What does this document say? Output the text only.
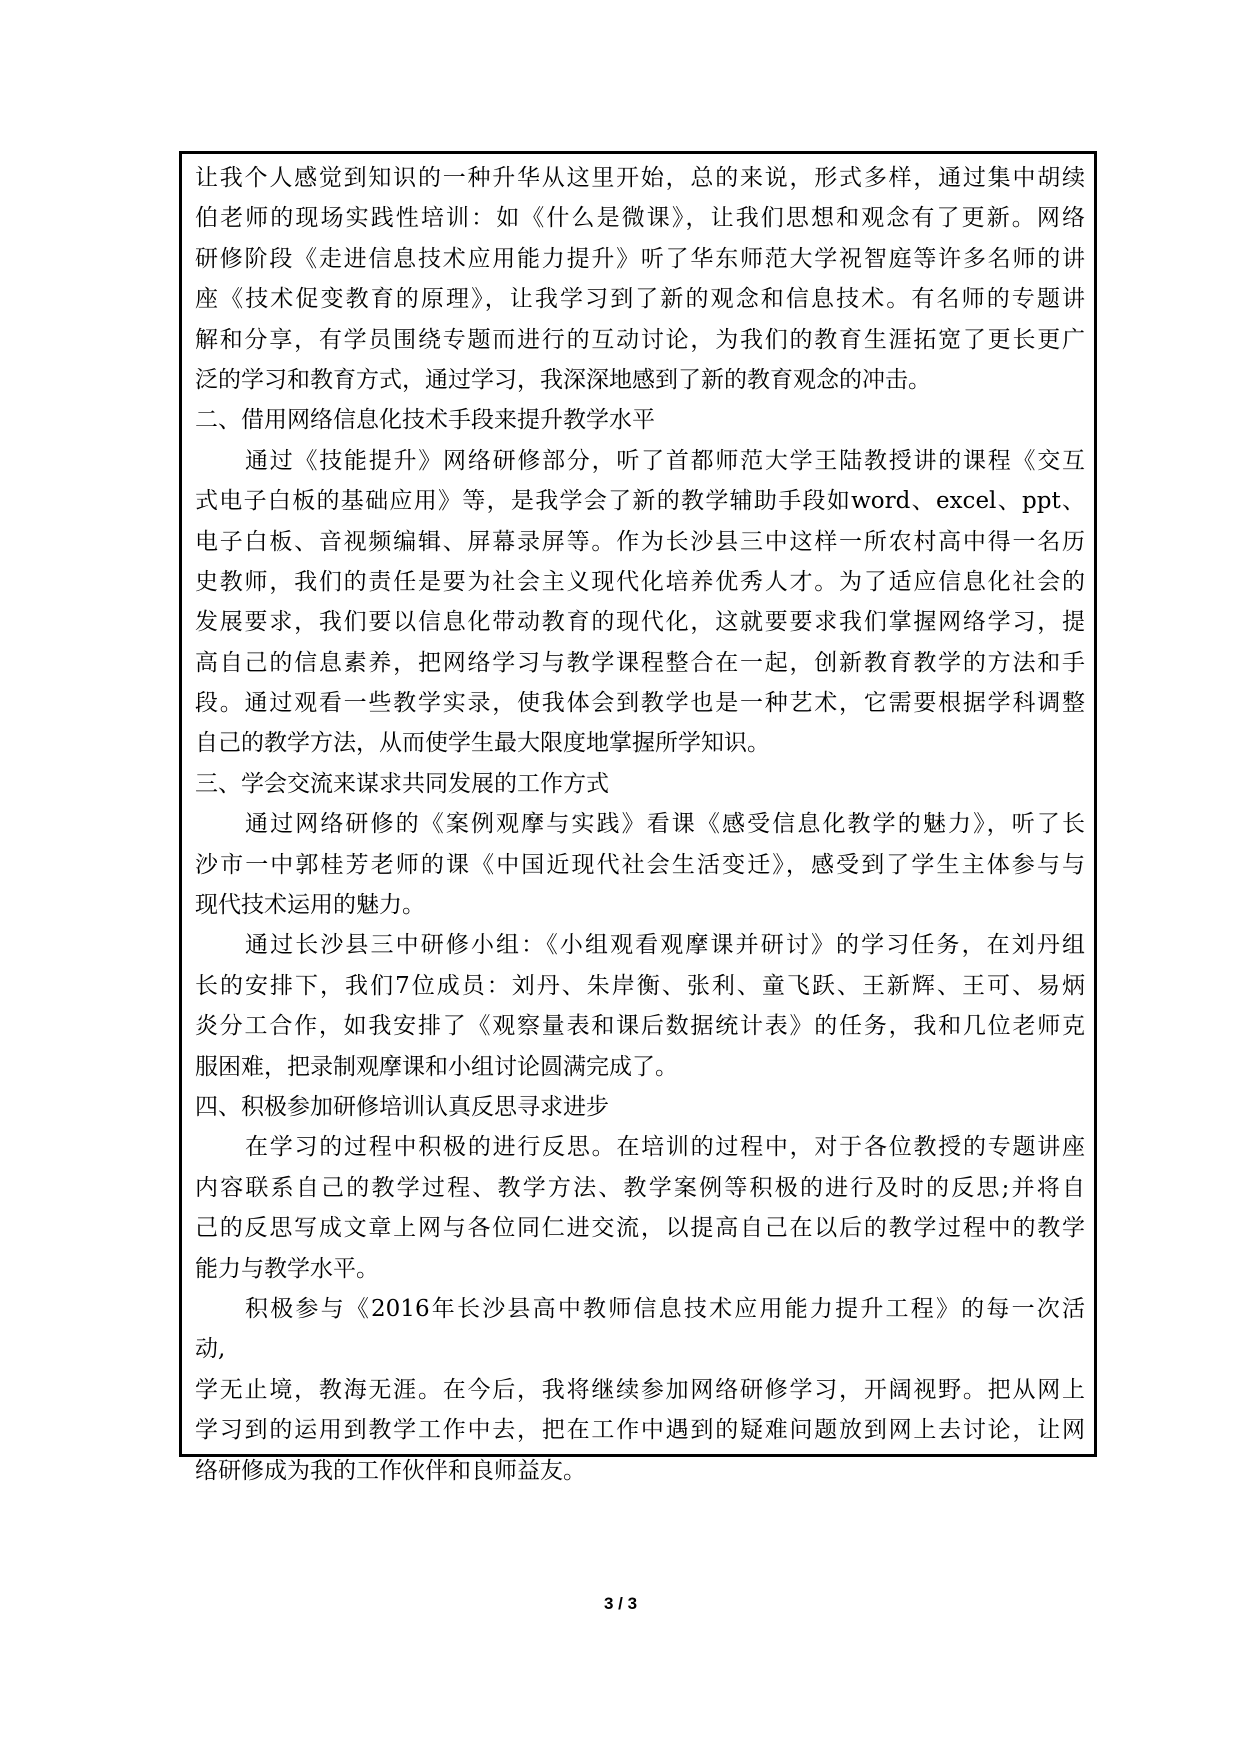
让我个人感觉到知识的一种升华从这里开始，总的来说，形式多样，通过集中胡续
伯老师的现场实践性培训：如《什么是微课》，让我们思想和观念有了更新。网络
研修阶段《走进信息技术应用能力提升》听了华东师范大学祝智庭等许多名师的讲
座《技术促变教育的原理》，让我学习到了新的观念和信息技术。有名师的专题讲
解和分享，有学员围绕专题而进行的互动讨论，为我们的教育生涯拓宽了更长更广
泛的学习和教育方式，通过学习，我深深地感到了新的教育观念的冲击。
二、借用网络信息化技术手段来提升教学水平
通过《技能提升》网络研修部分，听了首都师范大学王陆教授讲的课程《交互
式电子白板的基础应用》等，是我学会了新的教学辅助手段如word、excel、ppt、
电子白板、音视频编辑、屏幕录屏等。作为长沙县三中这样一所农村高中得一名历
史教师，我们的责任是要为社会主义现代化培养优秀人才。为了适应信息化社会的
发展要求，我们要以信息化带动教育的现代化，这就要要求我们掌握网络学习，提
高自己的信息素养，把网络学习与教学课程整合在一起，创新教育教学的方法和手
段。通过观看一些教学实录，使我体会到教学也是一种艺术，它需要根据学科调整
自己的教学方法，从而使学生最大限度地掌握所学知识。
三、学会交流来谋求共同发展的工作方式
通过网络研修的《案例观摩与实践》看课《感受信息化教学的魅力》，听了长
沙市一中郭桂芳老师的课《中国近现代社会生活变迁》，感受到了学生主体参与与
现代技术运用的魅力。
通过长沙县三中研修小组：《小组观看观摩课并研讨》的学习任务，在刘丹组
长的安排下，我们7位成员：刘丹、朱岸衡、张利、童飞跃、王新辉、王可、易炳
炎分工合作，如我安排了《观察量表和课后数据统计表》的任务，我和几位老师克
服困难，把录制观摩课和小组讨论圆满完成了。
四、积极参加研修培训认真反思寻求进步
在学习的过程中积极的进行反思。在培训的过程中，对于各位教授的专题讲座
内容联系自己的教学过程、教学方法、教学案例等积极的进行及时的反思;并将自
己的反思写成文章上网与各位同仁进交流，以提高自己在以后的教学过程中的教学
能力与教学水平。
积极参与《2016年长沙县高中教师信息技术应用能力提升工程》的每一次活
动,
学无止境，教海无涯。在今后，我将继续参加网络研修学习，开阔视野。把从网上
学习到的运用到教学工作中去，把在工作中遇到的疑难问题放到网上去讨论，让网
络研修成为我的工作伙伴和良师益友。
3 / 3
